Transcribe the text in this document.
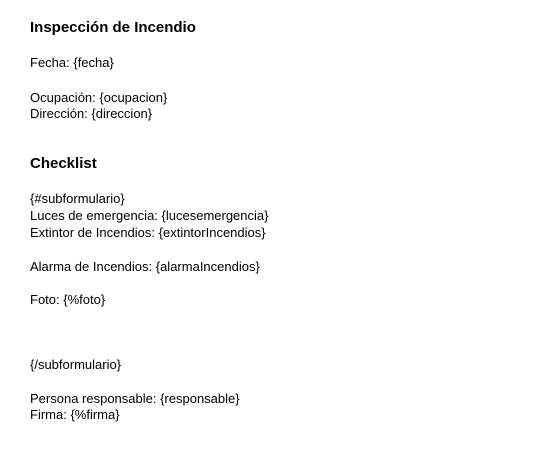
Inspección de Incendio
Fecha: {fecha}
Ocupación: {ocupacion}
Dirección: {direccion}
Checklist
{#subformulario}
Luces de emergencia: {lucesemergencia}
Extintor de Incendios: {extintorIncendios}
Alarma de Incendios: {alarmaIncendios}
Foto: {%foto}
{/subformulario}
Persona responsable: {responsable}
Firma: {%firma}
